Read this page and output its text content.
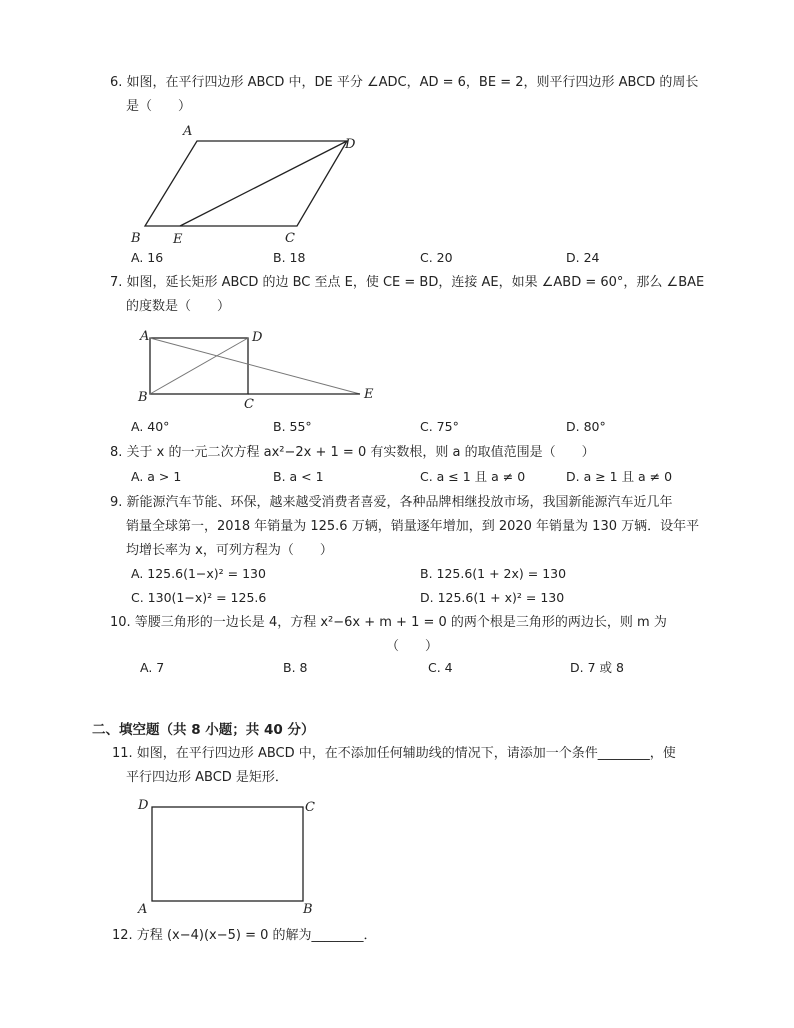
6. 如图，在平行四边形 ABCD 中，DE 平分 ∠ADC，AD = 6，BE = 2，则平行四边形 ABCD 的周长
是（　　）
A
D
B E	C
A. 16	B. 18	C. 20	D. 24
7. 如图，延长矩形 ABCD 的边 BC 至点 E，使 CE = BD，连接 AE，如果 ∠ABD = 60°，那么 ∠BAE
的度数是（　　）
A	D
B	C
E
A. 40°	B. 55°	C. 75°	D. 80°
8. 关于 x 的一元二次方程 ax²−2x + 1 = 0 有实数根，则 a 的取值范围是（　　）
A. a > 1	B. a < 1	C. a ≤ 1 且 a ≠ 0	D. a ≥ 1 且 a ≠ 0
9. 新能源汽车节能、环保，越来越受消费者喜爱，各种品牌相继投放市场，我国新能源汽车近几年
销量全球第一，2018 年销量为 125.6 万辆，销量逐年增加，到 2020 年销量为 130 万辆．设年平
均增长率为 x，可列方程为（　　）
A. 125.6(1−x)² = 130	B. 125.6(1 + 2x) = 130
C. 130(1−x)² = 125.6	D. 125.6(1 + x)² = 130
10. 等腰三角形的一边长是 4，方程 x²−6x + m + 1 = 0 的两个根是三角形的两边长，则 m 为
（　　）
A. 7	B. 8	C. 4	D. 7 或 8
二、填空题（共 8 小题；共 40 分）
11. 如图，在平行四边形 ABCD 中，在不添加任何辅助线的情况下，请添加一个条件________，使
平行四边形 ABCD 是矩形．
D	C
A	B
12. 方程 (x−4)(x−5) = 0 的解为________．
